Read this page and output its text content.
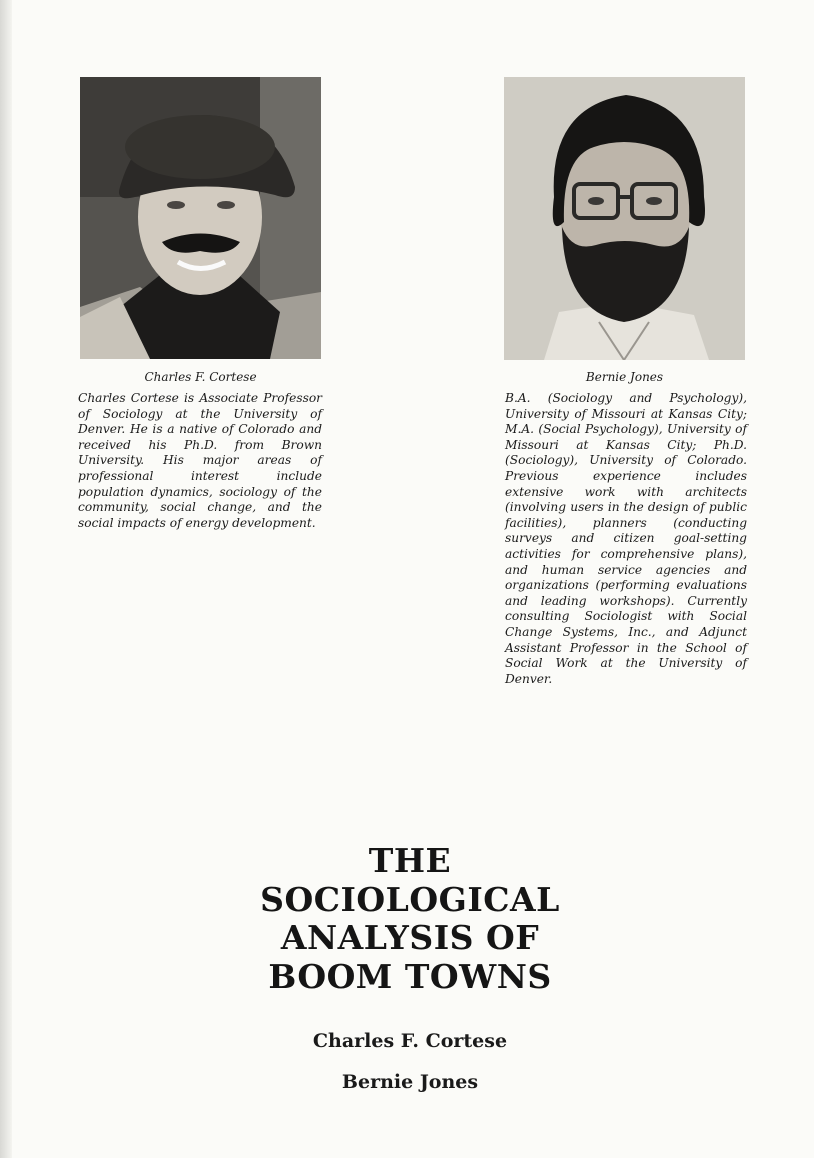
Charles F. Cortese	Bernie Jones

Charles Cortese is Associate Professor of Sociology at the University of Denver. He is a native of Colorado and received his Ph.D. from Brown University. His major areas of professional interest include population dynamics, sociology of the community, social change, and the social impacts of energy development.

B.A. (Sociology and Psychology), University of Missouri at Kansas City; M.A. (Social Psychology), University of Missouri at Kansas City; Ph.D. (Sociology), University of Colorado. Previous experience includes extensive work with architects (involving users in the design of public facilities), planners (conducting surveys and citizen goal-setting activities for comprehensive plans), and human service agencies and organizations (performing evaluations and leading workshops). Currently consulting Sociologist with Social Change Systems, Inc., and Adjunct Assistant Professor in the School of Social Work at the University of Denver.

THE
SOCIOLOGICAL
ANALYSIS OF
BOOM TOWNS

Charles F. Cortese

Bernie Jones
